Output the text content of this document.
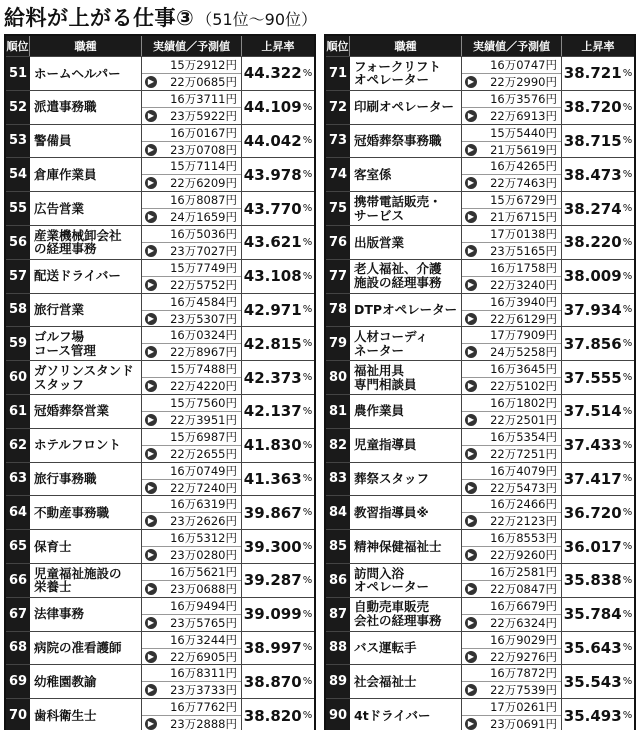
給料が上がる仕事③ （51位～90位）
順位	職種	実績値／予測値	上昇率
51 ホームヘルパー
15万2912円
▶ 22万0685円 44.322 %
52 派遣事務職
16万3711円
▶ 23万5922円 44.109 %
53 警備員
16万0167円
▶ 23万0708円 44.042 %
54 倉庫作業員
15万7114円
▶ 22万6209円 43.978 %
55 広告営業
16万8087円
▶ 24万1659円 43.770 %
56 産業機械卸会社
の経理事務
16万5036円
▶ 23万7027円 43.621 %
57 配送ドライバー
15万7749円
▶ 22万5752円 43.108 %
58 旅行営業
16万4584円
▶ 23万5307円 42.971 %
59 ゴルフ場
コース管理
16万0324円
▶ 22万8967円 42.815 %
60 ガソリンスタンド
スタッフ
15万7488円
▶ 22万4220円 42.373 %
61 冠婚葬祭営業
15万7560円
▶ 22万3951円 42.137 %
62 ホテルフロント
15万6987円
▶ 22万2655円 41.830 %
63 旅行事務職
16万0749円
▶ 22万7240円 41.363 %
64 不動産事務職
16万6319円
▶ 23万2626円 39.867 %
65 保育士
16万5312円
▶ 23万0280円 39.300 %
66 児童福祉施設の
栄養士
16万5621円
▶ 23万0688円 39.287 %
67 法律事務
16万9494円
▶ 23万5765円 39.099 %
68 病院の准看護師
16万3244円
▶ 22万6905円 38.997 %
69 幼稚園教諭
16万8311円
▶ 23万3733円 38.870 %
70 歯科衛生士
16万7762円
▶ 23万2888円 38.820 %
順位	職種	実績値／予測値	上昇率
71 フォークリフト
オペレーター
16万0747円
▶ 22万2990円 38.721 %
72 印刷オペレーター
16万3576円
▶ 22万6913円 38.720 %
73 冠婚葬祭事務職
15万5440円
▶ 21万5619円 38.715 %
74 客室係
16万4265円
▶ 22万7463円 38.473 %
75 携帯電話販売・
サービス
15万6729円
▶ 21万6715円 38.274 %
76 出版営業
17万0138円
▶ 23万5165円 38.220 %
77 老人福祉、介護
施設の経理事務
16万1758円
▶ 22万3240円 38.009 %
78 DTPオペレーター
16万3940円
▶ 22万6129円 37.934 %
79 人材コーディ
ネーター
17万7909円
▶ 24万5258円 37.856 %
80 福祉用具
専門相談員
16万3645円
▶ 22万5102円 37.555 %
81 農作業員
16万1802円
▶ 22万2501円 37.514 %
82 児童指導員
16万5354円
▶ 22万7251円 37.433 %
83 葬祭スタッフ
16万4079円
▶ 22万5473円 37.417 %
84 教習指導員※
16万2466円
▶ 22万2123円 36.720 %
85 精神保健福祉士
16万8553円
▶ 22万9260円 36.017 %
86 訪問入浴
オペレーター
16万2581円
▶ 22万0847円 35.838 %
87 自動売車販売
会社の経理事務
16万6679円
▶ 22万6324円 35.784 %
88 バス運転手
16万9029円
▶ 22万9276円 35.643 %
89 社会福祉士
16万7872円
▶ 22万7539円 35.543 %
90 4tドライバー
17万0261円
▶ 23万0691円 35.493 %
